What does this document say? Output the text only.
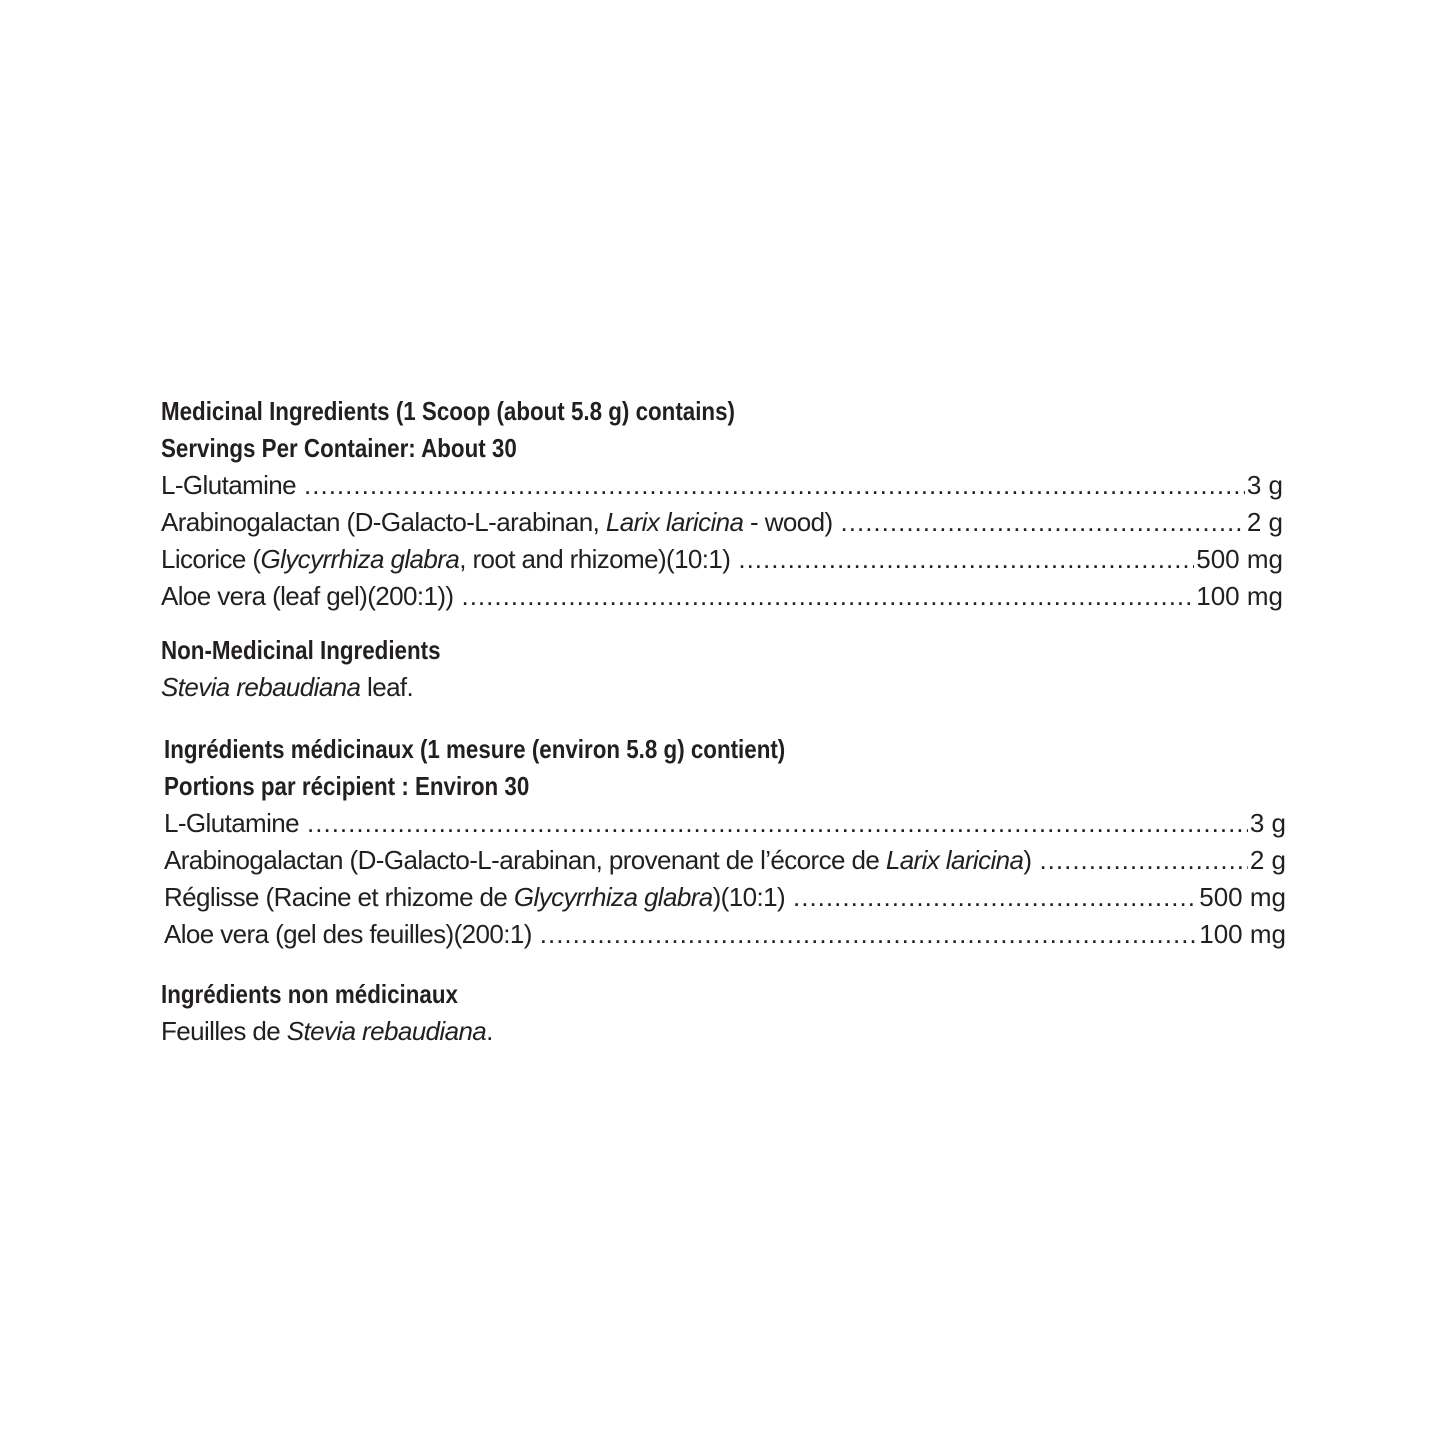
Medicinal Ingredients (1 Scoop (about 5.8 g) contains)
Servings Per Container: About 30
L-Glutamine .....	3 g
Arabinogalactan (D-Galacto-L-arabinan, Larix laricina - wood) .....	2 g
Licorice (Glycyrrhiza glabra, root and rhizome)(10:1) .....	500 mg
Aloe vera (leaf gel)(200:1)) .....	100 mg
Non-Medicinal Ingredients
Stevia rebaudiana leaf.
Ingrédients médicinaux (1 mesure (environ 5.8 g) contient)
Portions par récipient : Environ 30
L-Glutamine .....	3 g
Arabinogalactan (D-Galacto-L-arabinan, provenant de l’écorce de Larix laricina) .....	2 g
Réglisse (Racine et rhizome de Glycyrrhiza glabra)(10:1) .....	500 mg
Aloe vera (gel des feuilles)(200:1) .....	100 mg
Ingrédients non médicinaux
Feuilles de Stevia rebaudiana.
